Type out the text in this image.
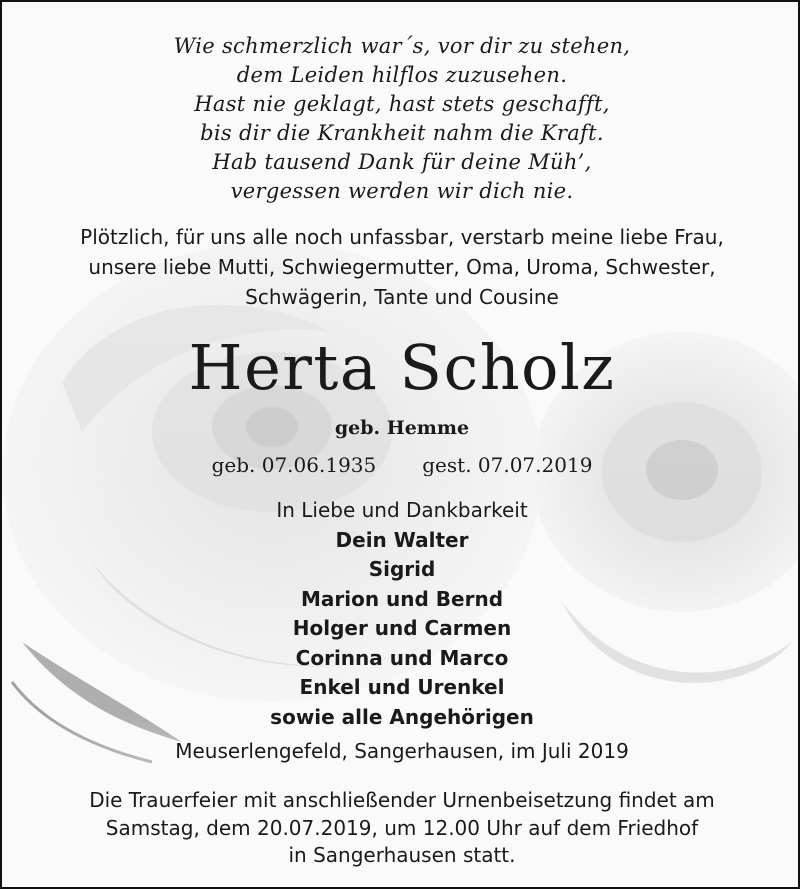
Wie schmerzlich war´s, vor dir zu stehen,
dem Leiden hilflos zuzusehen.
Hast nie geklagt, hast stets geschafft,
bis dir die Krankheit nahm die Kraft.
Hab tausend Dank für deine Müh’,
vergessen werden wir dich nie.
Plötzlich, für uns alle noch unfassbar, verstarb meine liebe Frau,
unsere liebe Mutti, Schwiegermutter, Oma, Uroma, Schwester,
Schwägerin, Tante und Cousine
Herta Scholz
geb. Hemme
geb. 07.06.1935 gest. 07.07.2019
In Liebe und Dankbarkeit
Dein Walter
Sigrid
Marion und Bernd
Holger und Carmen
Corinna und Marco
Enkel und Urenkel
sowie alle Angehörigen
Meuserlengefeld, Sangerhausen, im Juli 2019
Die Trauerfeier mit anschließender Urnenbeisetzung findet am
Samstag, dem 20.07.2019, um 12.00 Uhr auf dem Friedhof
in Sangerhausen statt.
